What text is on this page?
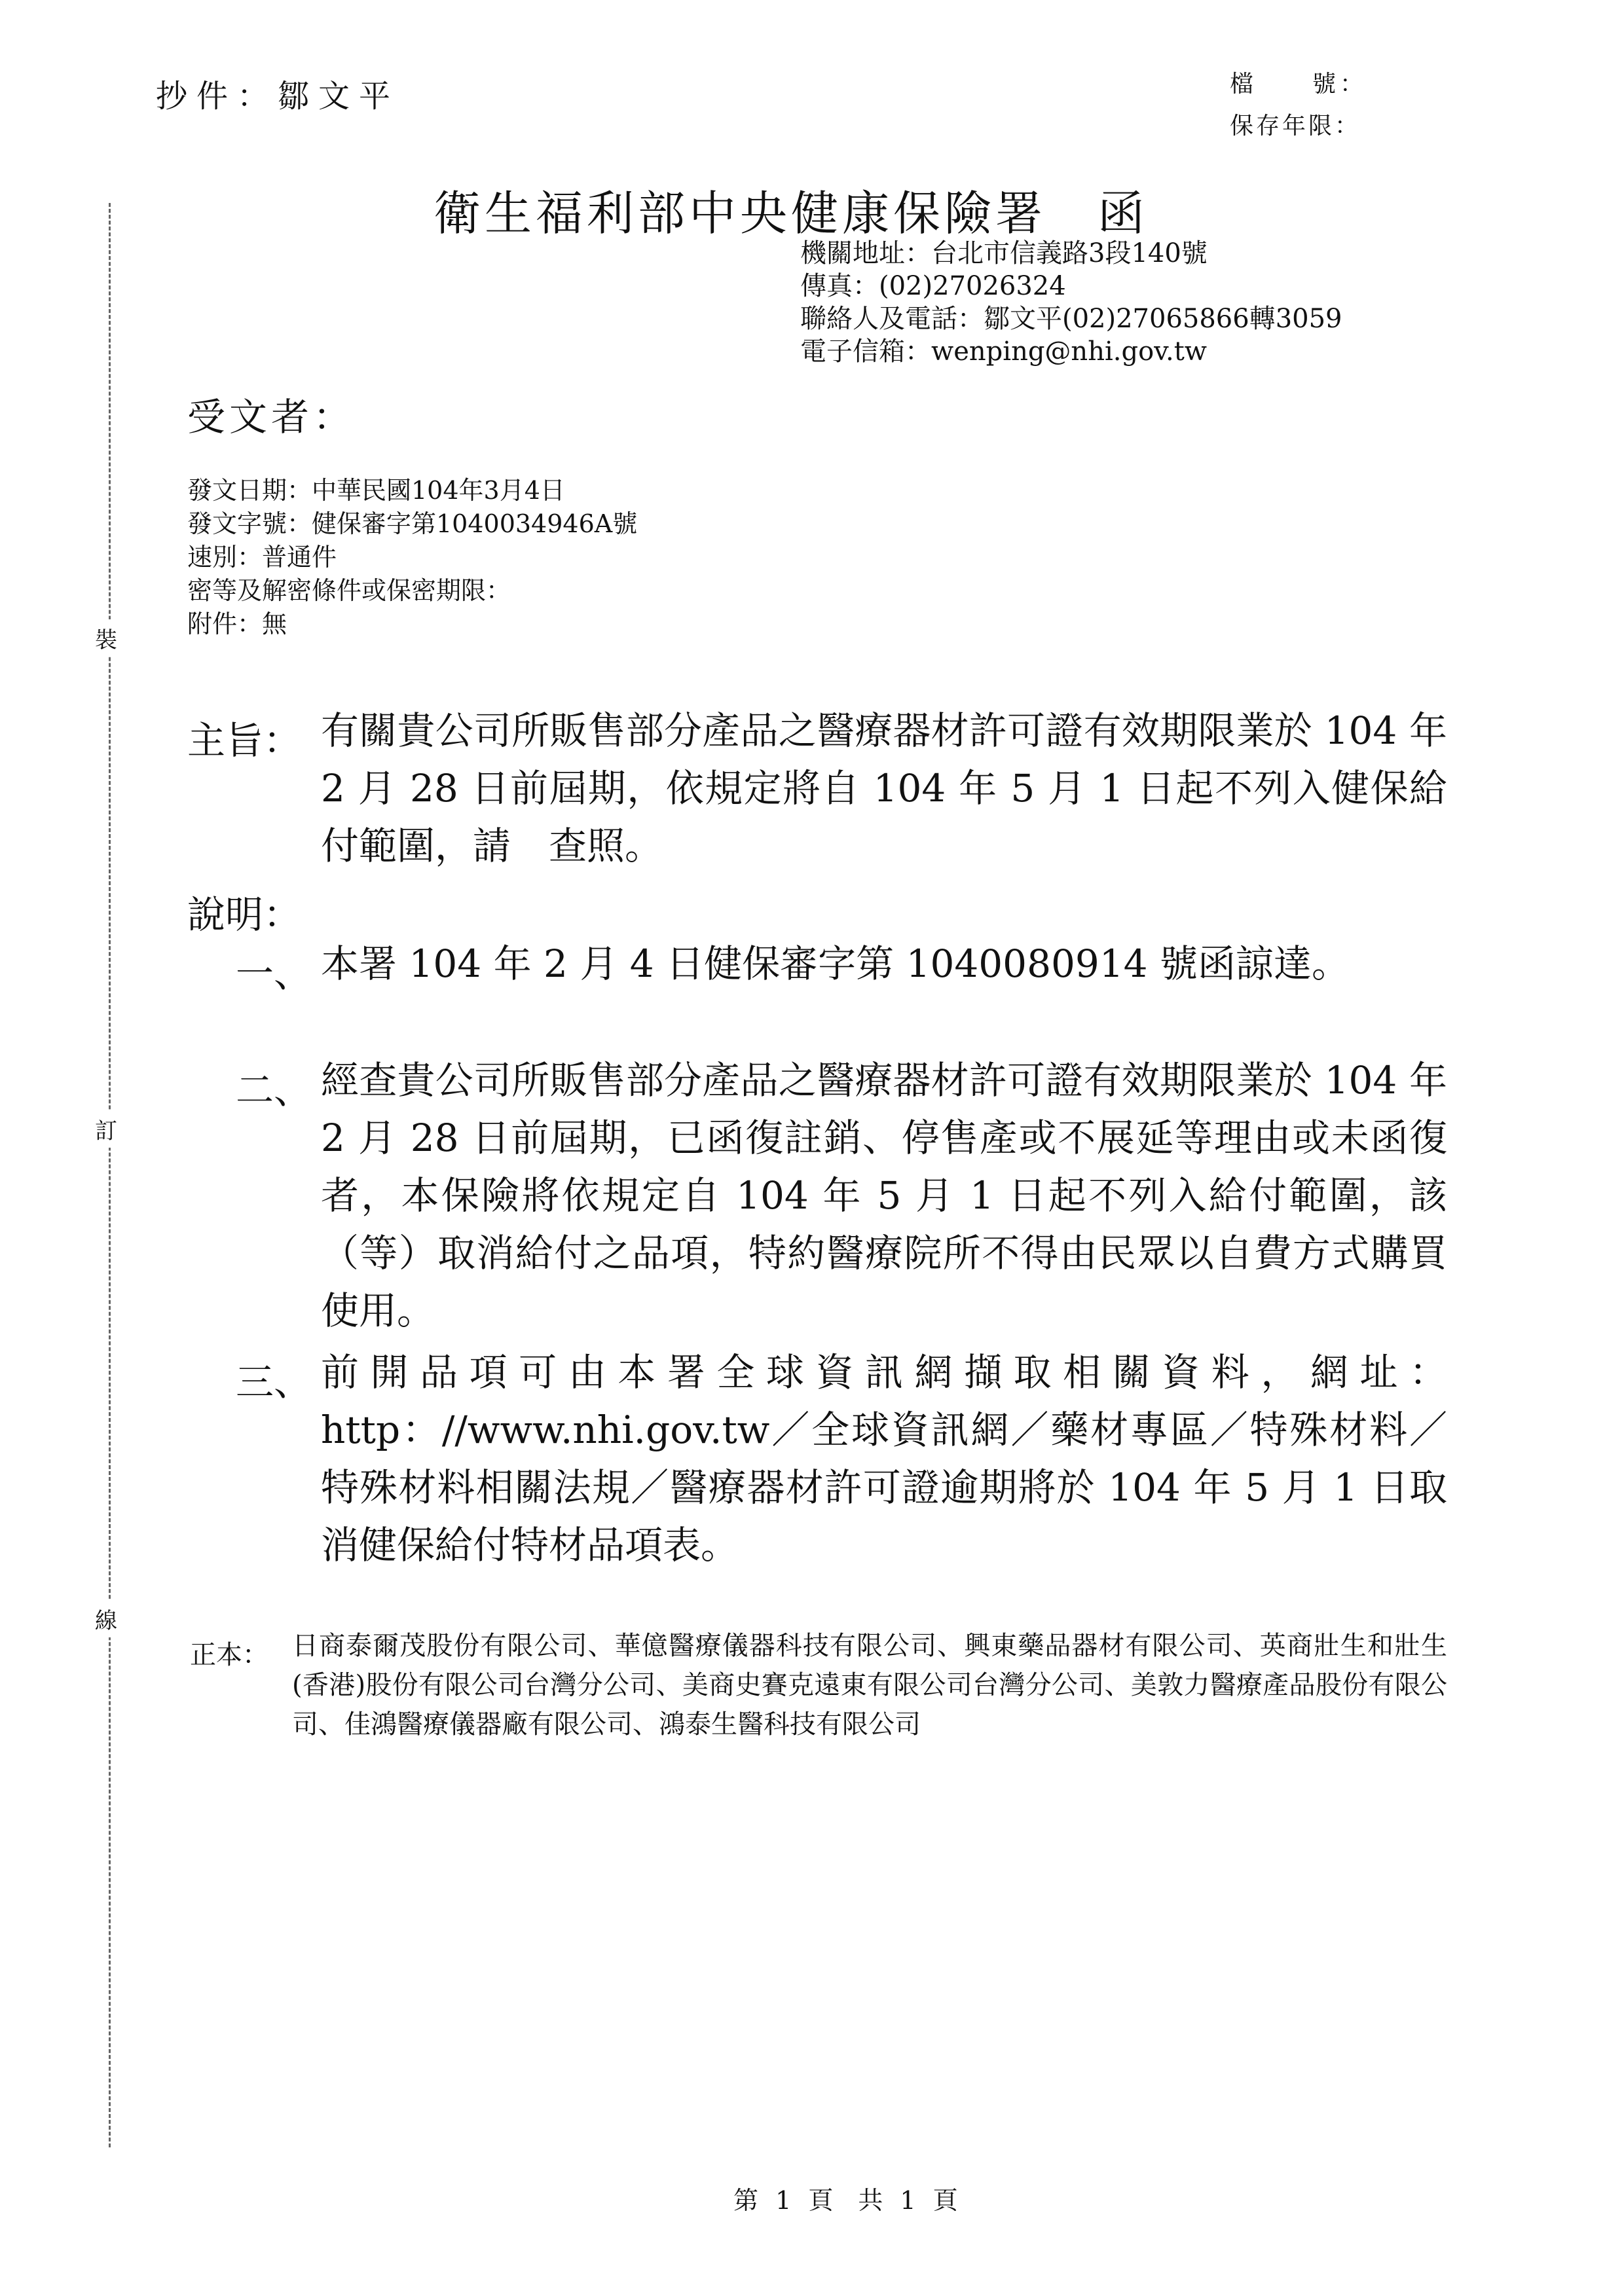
裝
訂
線
抄件：鄒文平	檔　　號：
保存年限：
衛生福利部中央健康保險署　函
機關地址：台北市信義路3段140號
傳真：(02)27026324
聯絡人及電話：鄒文平(02)27065866轉3059
電子信箱：wenping@nhi.gov.tw
受文者：
發文日期：中華民國104年3月4日
發文字號：健保審字第1040034946A號
速別：普通件
密等及解密條件或保密期限：
附件：無
主旨： 有關貴公司所販售部分產品之醫療器材許可證有效期限業於 104 年 2 月 28 日前屆期，依規定將自 104 年 5 月 1 日起不列入健保給付範圍，請　查照。
說明：
一、 本署 104 年 2 月 4 日健保審字第 1040080914 號函諒達。
二、 經查貴公司所販售部分產品之醫療器材許可證有效期限業於 104 年 2 月 28 日前屆期，已函復註銷、停售產或不展延等理由或未函復者，本保險將依規定自 104 年 5 月 1 日起不列入給付範圍，該（等）取消給付之品項，特約醫療院所不得由民眾以自費方式購買使用。
三、 前開品項可由本署全球資訊網擷取相關資料，網址：http：//www.nhi.gov.tw／全球資訊網／藥材專區／特殊材料／特殊材料相關法規／醫療器材許可證逾期將於 104 年 5 月 1 日取消健保給付特材品項表。
正本： 日商泰爾茂股份有限公司、華億醫療儀器科技有限公司、興東藥品器材有限公司、英商壯生和壯生(香港)股份有限公司台灣分公司、美商史賽克遠東有限公司台灣分公司、美敦力醫療產品股份有限公司、佳鴻醫療儀器廠有限公司、鴻泰生醫科技有限公司
第 1 頁　共 1 頁
